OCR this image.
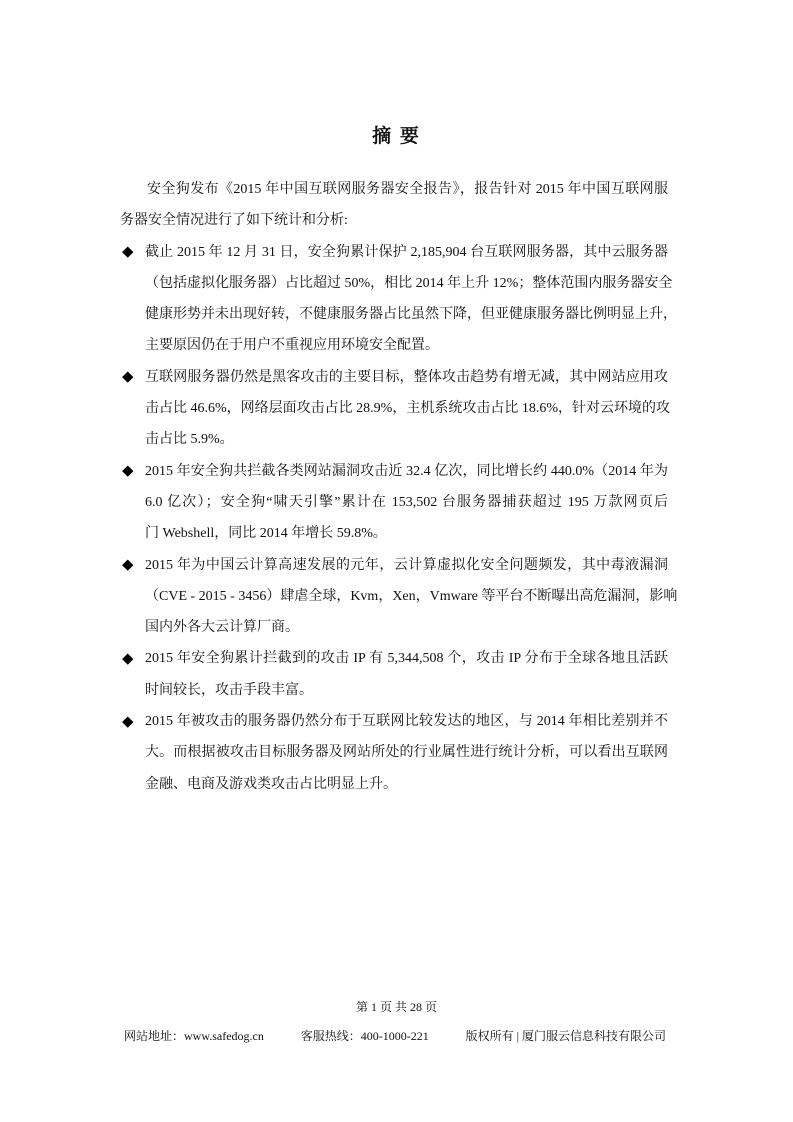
摘 要
安全狗发布《2015 年中国互联网服务器安全报告》，报告针对 2015 年中国互联网服
务器安全情况进行了如下统计和分析:
截止 2015 年 12 月 31 日，安全狗累计保护 2,185,904 台互联网服务器，其中云服务器
（包括虚拟化服务器）占比超过 50%，相比 2014 年上升 12%；整体范围内服务器安全
健康形势并未出现好转，不健康服务器占比虽然下降，但亚健康服务器比例明显上升，
主要原因仍在于用户不重视应用环境安全配置。
互联网服务器仍然是黑客攻击的主要目标，整体攻击趋势有增无减，其中网站应用攻
击占比 46.6%，网络层面攻击占比 28.9%，主机系统攻击占比 18.6%，针对云环境的攻
击占比 5.9%。
2015 年安全狗共拦截各类网站漏洞攻击近 32.4 亿次，同比增长约 440.0%（2014 年为
6.0 亿次）；安全狗“啸天引擎”累计在 153,502 台服务器捕获超过 195 万款网页后
门 Webshell，同比 2014 年增长 59.8%。
2015 年为中国云计算高速发展的元年，云计算虚拟化安全问题频发，其中毒液漏洞
（CVE - 2015 - 3456）肆虐全球，Kvm，Xen，Vmware 等平台不断曝出高危漏洞，影响
国内外各大云计算厂商。
2015 年安全狗累计拦截到的攻击 IP 有 5,344,508 个，攻击 IP 分布于全球各地且活跃
时间较长，攻击手段丰富。
2015 年被攻击的服务器仍然分布于互联网比较发达的地区，与 2014 年相比差别并不
大。而根据被攻击目标服务器及网站所处的行业属性进行统计分析，可以看出互联网
金融、电商及游戏类攻击占比明显上升。
第 1 页 共 28 页
网站地址：www.safedog.cn	客服热线：400-1000-221	版权所有 | 厦门服云信息科技有限公司
